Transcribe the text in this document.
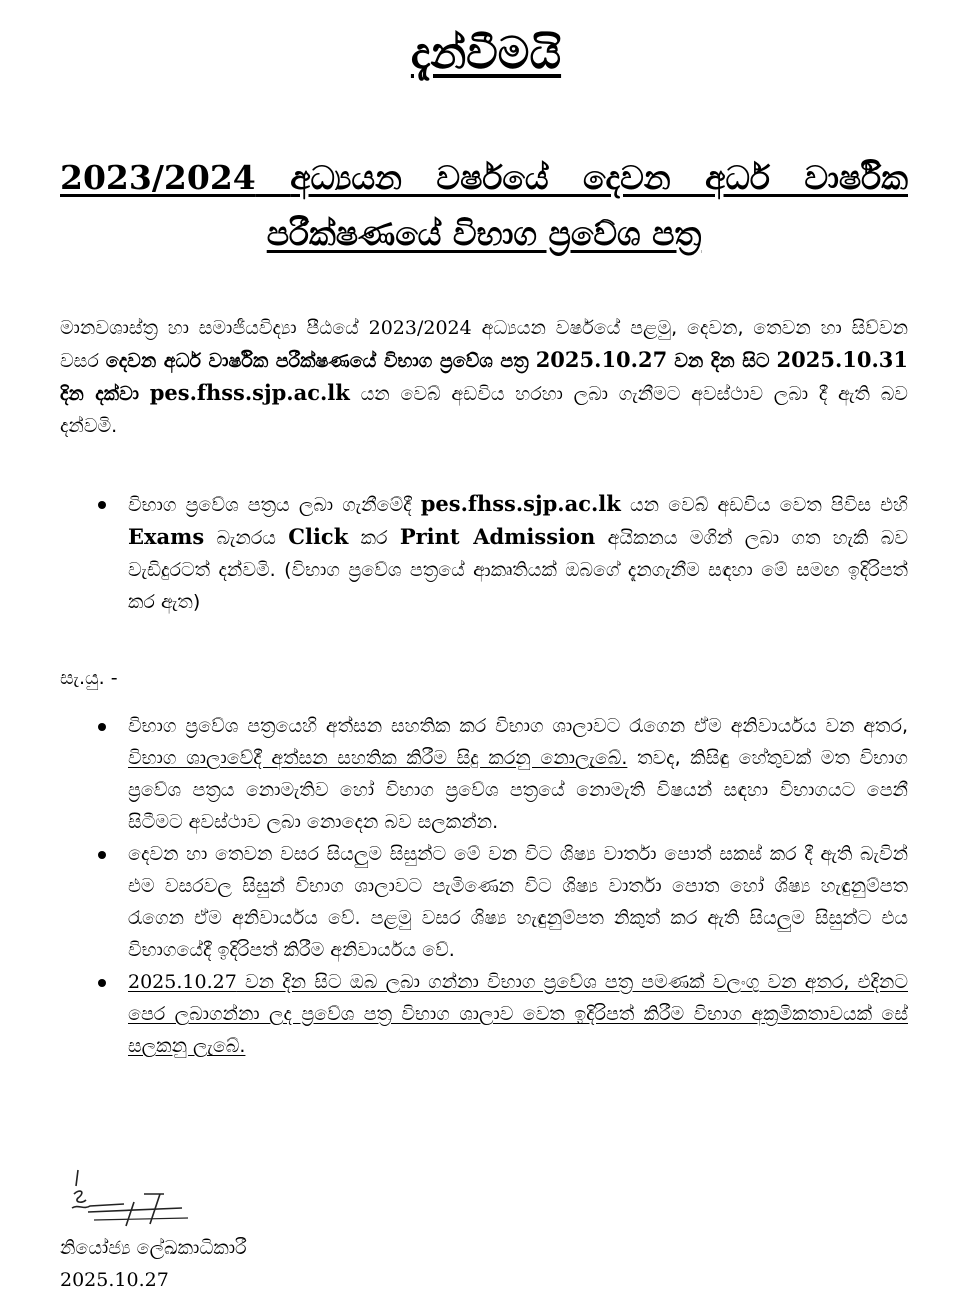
දැන්වීමයි
2023/2024 අධ්‍යයන වර්ෂයේ දෙවන අර්ධ වාර්ෂික පරීක්ෂණයේ විභාග ප්‍රවේශ පත්‍ර

මානවශාස්ත්‍ර හා සමාජීයවිද්‍යා පීඨයේ 2023/2024 අධ්‍යයන වර්ෂයේ පළමු, දෙවන, තෙවන හා සිව්වන වසර දෙවන අර්ධ වාර්ෂික පරීක්ෂණයේ විභාග ප්‍රවේශ පත්‍ර 2025.10.27 වන දින සිට 2025.10.31 දින දක්වා pes.fhss.sjp.ac.lk යන වෙබ් අඩවිය හරහා ලබා ගැනීමට අවස්ථාව ලබා දී ඇති බව දන්වමි.

විභාග ප්‍රවේශ පත්‍රය ලබා ගැනීමේදී pes.fhss.sjp.ac.lk යන වෙබ් අඩවිය වෙත පිවිස එහි Exams බැනරය Click කර Print Admission අයිකනය මගින් ලබා ගත හැකි බව වැඩිදුරටත් දන්වමි. (විභාග ප්‍රවේශ පත්‍රයේ ආකෘතියක් ඔබගේ දැනගැනීම සඳහා මේ සමඟ ඉදිරිපත් කර ඇත)
සැ.යු. -
විභාග ප්‍රවේශ පත්‍රයෙහි අත්සන සහතික කර විභාග ශාලාවට රැගෙන ඒම අනිවාර්යය වන අතර, විභාග ශාලාවේදී අත්සන සහතික කිරීම සිදු කරනු නොලැබේ. තවද, කිසිඳු හේතුවක් මත විභාග ප්‍රවේශ පත්‍රය නොමැතිව හෝ විභාග ප්‍රවේශ පත්‍රයේ නොමැති විෂයන් සඳහා විභාගයට පෙනී සිටීමට අවස්ථාව ලබා නොදෙන බව සලකන්න.
දෙවන හා තෙවන වසර සියලුම සිසුන්ට මේ වන විට ශිෂ්‍ය වාර්තා පොත් සකස් කර දී ඇති බැවින් එම වසරවල සිසුන් විභාග ශාලාවට පැමිණෙන විට ශිෂ්‍ය වාර්තා පොත හෝ ශිෂ්‍ය හැඳුනුම්පත රැගෙන ඒම අනිවාර්යය වේ. පළමු වසර ශිෂ්‍ය හැඳුනුම්පත නිකුත් කර ඇති සියලුම සිසුන්ට එය විභාගයේදී ඉදිරිපත් කිරීම අනිවාර්යය වේ.
2025.10.27 වන දින සිට ඔබ ලබා ගන්නා විභාග ප්‍රවේශ පත්‍ර පමණක් වලංගු වන අතර, එදිනට පෙර ලබාගන්නා ලද ප්‍රවේශ පත්‍ර විභාග ශාලාව වෙත ඉදිරිපත් කිරීම විභාග අක්‍රමිකතාවයක් සේ සලකනු ලැබේ.
නියෝජ්‍ය ලේඛකාධිකාරී
2025.10.27
